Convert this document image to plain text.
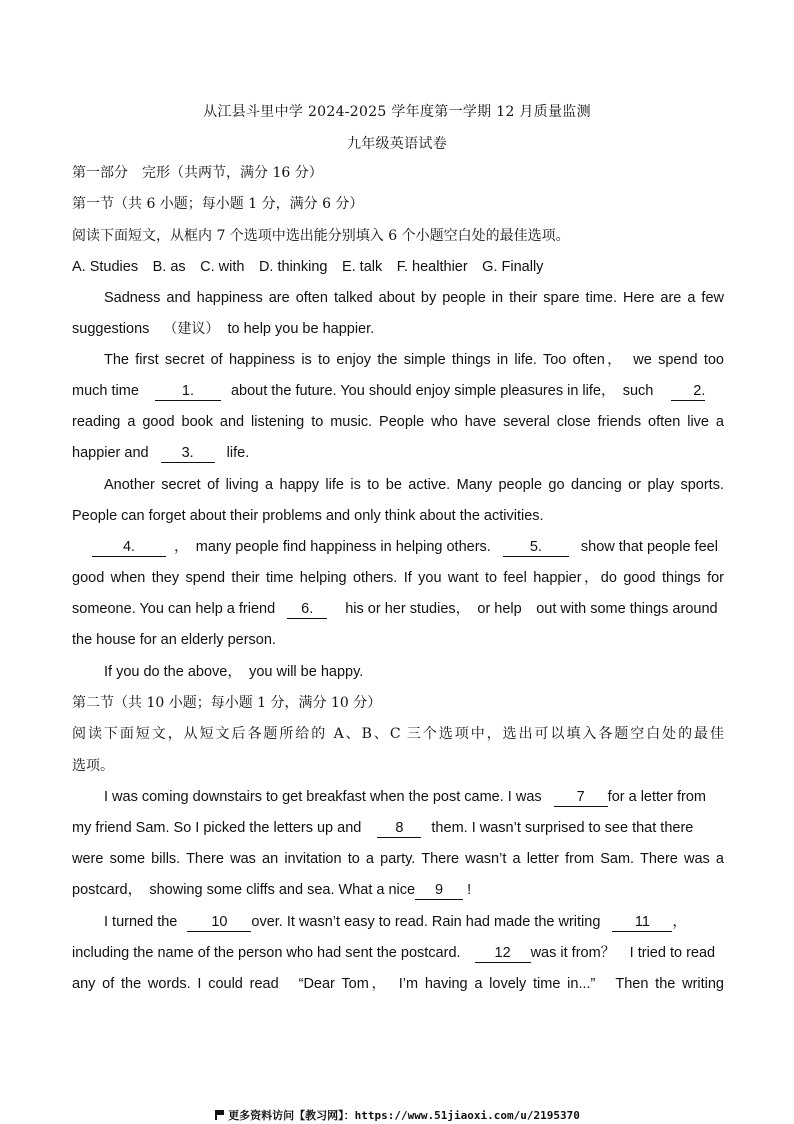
从江县斗里中学 2024-2025 学年度第一学期 12 月质量监测
九年级英语试卷
第一部分　完形（共两节，满分 16 分）
第一节（共 6 小题；每小题 1 分，满分 6 分）
阅读下面短文，从框内 7 个选项中选出能分别填入 6 个小题空白处的最佳选项。
A. Studies　B. as　C. with　D. thinking　E. talk　F. healthier　G. Finally
Sadness and happiness are often talked about by people in their spare time. Here are a few
suggestions （建议） to help you be happier.
The first secret of happiness is to enjoy the simple things in life. Too often，　we spend too
much time	1.	about the future. You should enjoy simple pleasures in life，　such	2.
reading a good book and listening to music. People who have several close friends often live a
happier and 3. life.
Another secret of living a happy life is to be active. Many people go dancing or play sports.
People can forget about their problems and only think about the activities.
4.	，　many people find happiness in helping others.	5.	show that people feel
good when they spend their time helping others. If you want to feel happier，do good things for
someone. You can help a friend 6. his or her studies，　or help　out with some things around
the house for an elderly person.
If you do the above，　you will be happy.
第二节（共 10 小题；每小题 1 分，满分 10 分）
阅读下面短文，从短文后各题所给的 A、B、C 三个选项中，选出可以填入各题空白处的最佳
选项。
I was coming downstairs to get breakfast when the post came. I was 7 for a letter from
my friend Sam. So I picked the letters up and 8 them. I wasn’t surprised to see that there
were some bills. There was an invitation to a party. There wasn’t a letter from Sam. There was a
postcard，　showing some cliffs and sea. What a nice 9 !
I turned the 10 over. It wasn’t easy to read. Rain had made the writing 11 ，
including the name of the person who had sent the postcard. 12 was it from？　I tried to read
any of the words. I could read　“Dear Tom，　I’m having a lovely time in...”　Then the writing
更多资料访问【教习网】：https://www.51jiaoxi.com/u/2195370
